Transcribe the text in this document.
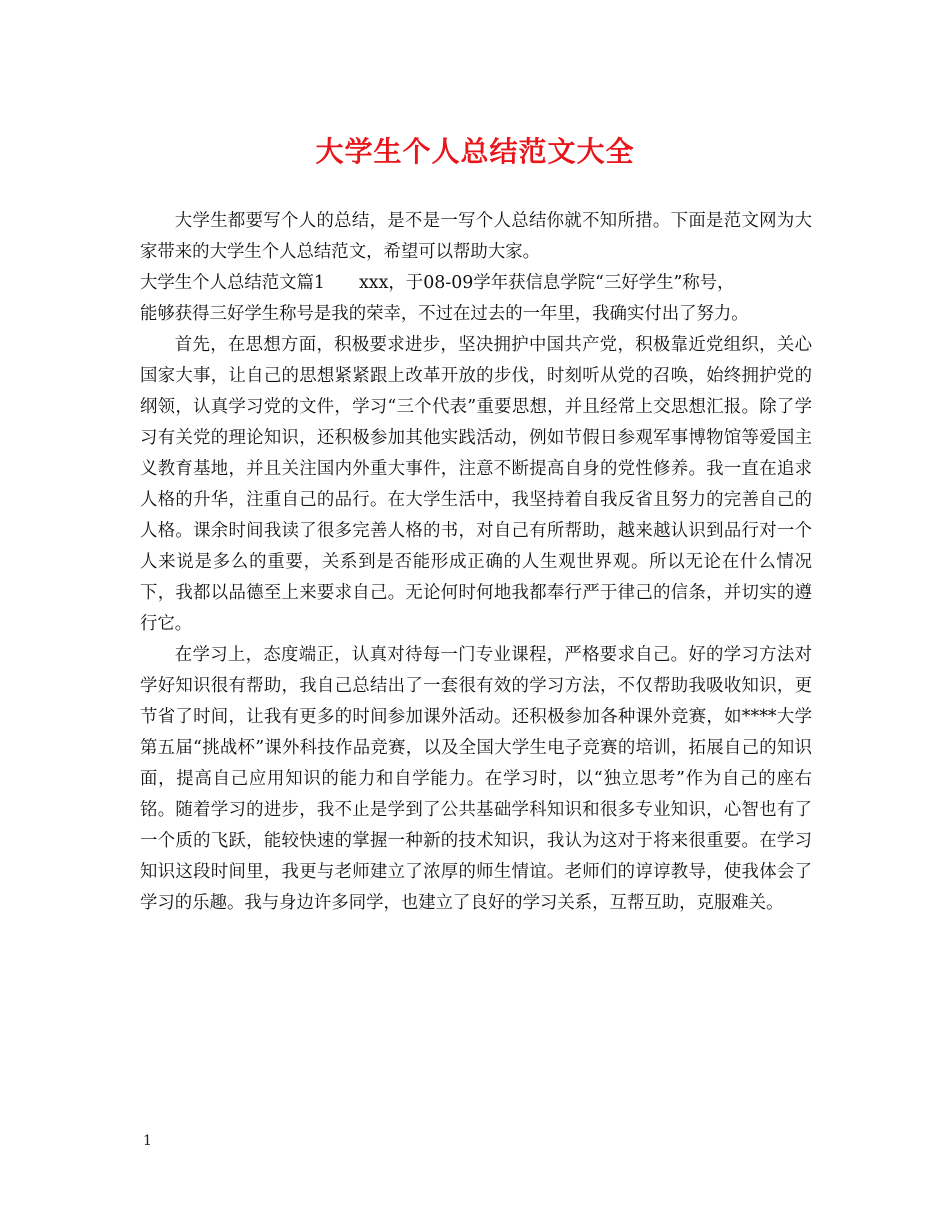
大学生个人总结范文大全

大学生都要写个人的总结，是不是一写个人总结你就不知所措。下面是范文网为大家带来的大学生个人总结范文，希望可以帮助大家。

大学生个人总结范文篇1 xxx，于08-09学年获信息学院“三好学生”称号，
能够获得三好学生称号是我的荣幸，不过在过去的一年里，我确实付出了努力。

首先，在思想方面，积极要求进步，坚决拥护中国共产党，积极靠近党组织，关心国家大事，让自己的思想紧紧跟上改革开放的步伐，时刻听从党的召唤，始终拥护党的纲领，认真学习党的文件，学习“三个代表”重要思想，并且经常上交思想汇报。除了学习有关党的理论知识，还积极参加其他实践活动，例如节假日参观军事博物馆等爱国主义教育基地，并且关注国内外重大事件，注意不断提高自身的党性修养。我一直在追求人格的升华，注重自己的品行。在大学生活中，我坚持着自我反省且努力的完善自己的人格。课余时间我读了很多完善人格的书，对自己有所帮助，越来越认识到品行对一个人来说是多么的重要，关系到是否能形成正确的人生观世界观。所以无论在什么情况下，我都以品德至上来要求自己。无论何时何地我都奉行严于律己的信条，并切实的遵行它。

在学习上，态度端正，认真对待每一门专业课程，严格要求自己。好的学习方法对学好知识很有帮助，我自己总结出了一套很有效的学习方法，不仅帮助我吸收知识，更节省了时间，让我有更多的时间参加课外活动。还积极参加各种课外竞赛，如****大学第五届“挑战杯”课外科技作品竞赛，以及全国大学生电子竞赛的培训，拓展自己的知识面，提高自己应用知识的能力和自学能力。在学习时，以“独立思考”作为自己的座右铭。随着学习的进步，我不止是学到了公共基础学科知识和很多专业知识，心智也有了一个质的飞跃，能较快速的掌握一种新的技术知识，我认为这对于将来很重要。在学习知识这段时间里，我更与老师建立了浓厚的师生情谊。老师们的谆谆教导，使我体会了学习的乐趣。我与身边许多同学，也建立了良好的学习关系，互帮互助，克服难关。

1
